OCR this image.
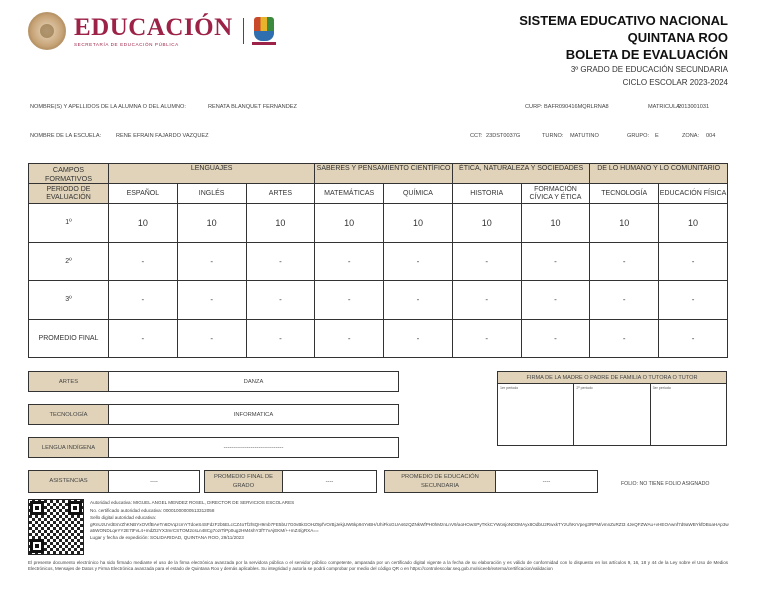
EDUCACIÓN
SECRETARÍA DE EDUCACIÓN PÚBLICA
SISTEMA EDUCATIVO NACIONAL
QUINTANA ROO
BOLETA DE EVALUACIÓN
3º GRADO DE EDUCACIÓN SECUNDARIA
CICLO ESCOLAR 2023-2024
NOMBRE(S) Y APELLIDOS DE LA ALUMNA O DEL ALUMNO:	RENATA BLANQUET FERNANDEZ	CURP: BAFR090416MQRLRNA8	MATRICULA:
2013001031
NOMBRE DE LA ESCUELA:	RENE EFRAIN FAJARDO VAZQUEZ	CCT: 23DST0037G	TURNO: MATUTINO	GRUPO: E	ZONA: 004
CAMPOS FORMATIVOS	LENGUAJES			SABERES Y PENSAMIENTO CIENTÍFICO		ÉTICA, NATURALEZA Y SOCIEDADES		DE LO HUMANO Y LO COMUNITARIO	
PERIODO DE EVALUACIÓN	ESPAÑOL	INGLÉS	ARTES	MATEMÁTICAS	QUÍMICA	HISTORIA	FORMACIÓN CÍVICA Y ÉTICA	TECNOLOGÍA	EDUCACIÓN FÍSICA
1º	10	10	10	10	10	10	10	10	10
2º	-	-	-	-	-	-	-	-	-
3º	-	-	-	-	-	-	-	-	-
PROMEDIO FINAL	-	-	-	-	-	-	-	-	-
ARTES	DANZA
TECNOLOGÍA	INFORMATICA
LENGUA INDÍGENA	-------------------------------
FIRMA DE LA MADRE O PADRE DE FAMILIA O TUTORA O TUTOR
1er periodo	2º periodo	3er periodo
ASISTENCIAS	----
PROMEDIO FINAL DE GRADO
----
PROMEDIO DE EDUCACIÓN SECUNDARIA
----	FOLIO: NO TIENE FOLIO ASIGNADO
Autoridad educativa: MIGUEL ANGEL MENDEZ ROSEL, DIRECTOR DE SERVICIOS ESCOLARES
No. certificado autoridad educativa: 00001000000513312058
Sello digital autoridad educativa:
gRnUzUVdEsVZhKNBYxOVtfBAeTn6DVqzcmYTdoeS4SFdzF2b5ELcCZ4oTf2htQH9mb7FE5bU7G0vBkGOHZ9pfVOrBjJekjUW6kp94YvBH/UhiFkxGUAs6zQZNkWfPH0hMznLnV9/aoHOwSPyTKkCYWosjoN0OMAyx8OdbU2RwxkTYzUhKrVpeg3RPM/vmnZuRZt3 4JeQFZWAu+vHEOAwnf7d9aWBYkfDBoaHAp3wa5WONDLqeYY2E7tFvL4+mdZI2YX3mrCSTOM2csLn48Cg7ozrTiPp0ug2HM4shY3fT7vAjEKM/++mZ4/gRXA==
Lugar y fecha de expedición: SOLIDARIDAD, QUINTANA ROO, 29/11/2023
El presente documento electrónico ha sido firmado mediante el uso de la firma electrónica avanzada por la servidora pública o el servidor público competente, amparada por un certificado digital vigente a la fecha de su elaboración y es válido de conformidad con lo dispuesto en los artículos 9, 16, 18 y 44 de la Ley sobre el Uso de Medios Electrónicos, Mensajes de Datos y Firma Electrónica avanzada para el estado de Quintana Roo y demás aplicables. Su integridad y autoría se podrá comprobar por medio del código QR o en https://controlescolar.seq.gob.mx/siceeb/externa/certificacion/validacion
